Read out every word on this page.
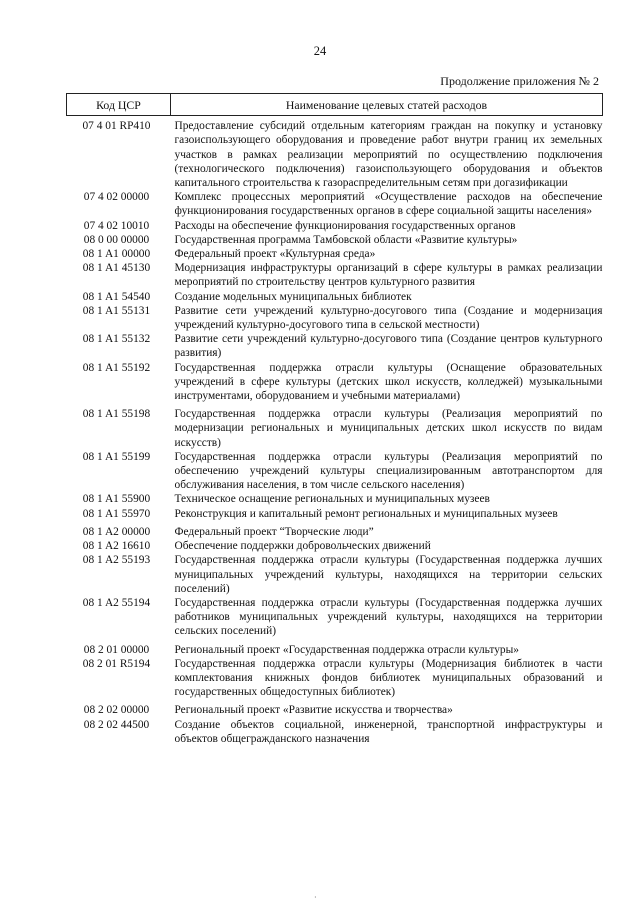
24
Продолжение приложения № 2
Код ЦСР	Наименование целевых статей расходов
07 4 01 RP410	Предоставление субсидий отдельным категориям граждан на покупку и установку газоиспользующего оборудования и проведение работ внутри границ их земельных участков в рамках реализации мероприятий по осуществлению подключения (технологического подключения) газоиспользующего оборудования и объектов капитального строительства к газораспределительным сетям при догазификации
07 4 02 00000	Комплекс процессных мероприятий «Осуществление расходов на обеспечение функционирования государственных органов в сфере социальной защиты населения»
07 4 02 10010	Расходы на обеспечение функционирования государственных органов
08 0 00 00000	Государственная программа Тамбовской области «Развитие культуры»
08 1 A1 00000	Федеральный проект «Культурная среда»
08 1 A1 45130	Модернизация инфраструктуры организаций в сфере культуры в рамках реализации мероприятий по строительству центров культурного развития
08 1 A1 54540	Создание модельных муниципальных библиотек
08 1 A1 55131	Развитие сети учреждений культурно-досугового типа (Создание и модернизация учреждений культурно-досугового типа в сельской местности)
08 1 A1 55132	Развитие сети учреждений культурно-досугового типа (Создание центров культурного развития)
08 1 A1 55192	Государственная поддержка отрасли культуры (Оснащение образовательных учреждений в сфере культуры (детских школ искусств, колледжей) музыкальными инструментами, оборудованием и учебными материалами)
08 1 A1 55198	Государственная поддержка отрасли культуры (Реализация мероприятий по модернизации региональных и муниципальных детских школ искусств по видам искусств)
08 1 A1 55199	Государственная поддержка отрасли культуры (Реализация мероприятий по обеспечению учреждений культуры специализированным автотранспортом для обслуживания населения, в том числе сельского населения)
08 1 A1 55900	Техническое оснащение региональных и муниципальных музеев
08 1 A1 55970	Реконструкция и капитальный ремонт региональных и муниципальных музеев
08 1 A2 00000	Федеральный проект “Творческие люди”
08 1 A2 16610	Обеспечение поддержки добровольческих движений
08 1 A2 55193	Государственная поддержка отрасли культуры (Государственная поддержка лучших муниципальных учреждений культуры, находящихся на территории сельских поселений)
08 1 A2 55194	Государственная поддержка отрасли культуры (Государственная поддержка лучших работников муниципальных учреждений культуры, находящихся на территории сельских поселений)
08 2 01 00000	Региональный проект «Государственная поддержка отрасли культуры»
08 2 01 R5194	Государственная поддержка отрасли культуры (Модернизация библиотек в части комплектования книжных фондов библиотек муниципальных образований и государственных общедоступных библиотек)
08 2 02 00000	Региональный проект «Развитие искусства и творчества»
08 2 02 44500	Создание объектов социальной, инженерной, транспортной инфраструктуры и объектов общегражданского назначения
·
